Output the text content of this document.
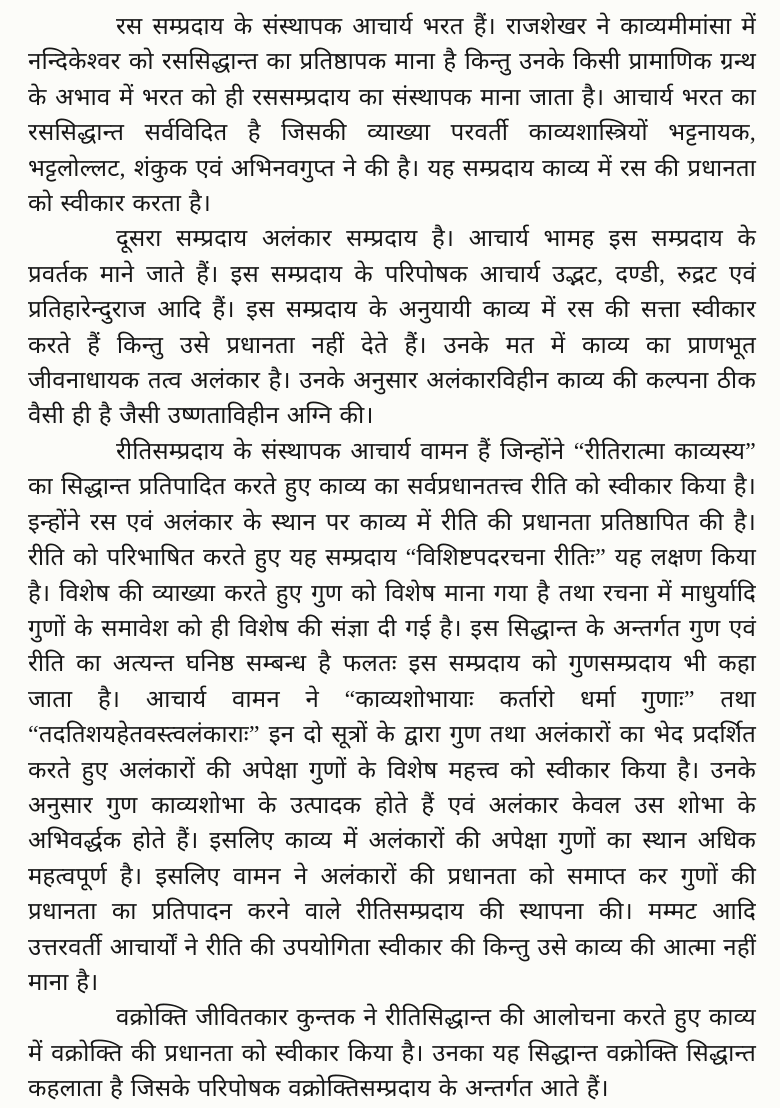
रस सम्प्रदाय के संस्थापक आचार्य भरत हैं। राजशेखर ने काव्यमीमांसा में नन्दिकेश्वर को रससिद्धान्त का प्रतिष्ठापक माना है किन्तु उनके किसी प्रामाणिक ग्रन्थ के अभाव में भरत को ही रससम्प्रदाय का संस्थापक माना जाता है। आचार्य भरत का रससिद्धान्त सर्वविदित है जिसकी व्याख्या परवर्ती काव्यशास्त्रियों भट्टनायक, भट्टलोल्लट, शंकुक एवं अभिनवगुप्त ने की है। यह सम्प्रदाय काव्य में रस की प्रधानता को स्वीकार करता है।

दूसरा सम्प्रदाय अलंकार सम्प्रदाय है। आचार्य भामह इस सम्प्रदाय के प्रवर्तक माने जाते हैं। इस सम्प्रदाय के परिपोषक आचार्य उद्भट, दण्डी, रुद्रट एवं प्रतिहारेन्दुराज आदि हैं। इस सम्प्रदाय के अनुयायी काव्य में रस की सत्ता स्वीकार करते हैं किन्तु उसे प्रधानता नहीं देते हैं। उनके मत में काव्य का प्राणभूत जीवनाधायक तत्व अलंकार है। उनके अनुसार अलंकारविहीन काव्य की कल्पना ठीक वैसी ही है जैसी उष्णताविहीन अग्नि की।

रीतिसम्प्रदाय के संस्थापक आचार्य वामन हैं जिन्होंने “रीतिरात्मा काव्यस्य” का सिद्धान्त प्रतिपादित करते हुए काव्य का सर्वप्रधानतत्त्व रीति को स्वीकार किया है। इन्होंने रस एवं अलंकार के स्थान पर काव्य में रीति की प्रधानता प्रतिष्ठापित की है। रीति को परिभाषित करते हुए यह सम्प्रदाय “विशिष्टपदरचना रीतिः” यह लक्षण किया है। विशेष की व्याख्या करते हुए गुण को विशेष माना गया है तथा रचना में माधुर्यादि गुणों के समावेश को ही विशेष की संज्ञा दी गई है। इस सिद्धान्त के अन्तर्गत गुण एवं रीति का अत्यन्त घनिष्ठ सम्बन्ध है फलतः इस सम्प्रदाय को गुणसम्प्रदाय भी कहा जाता है। आचार्य वामन ने “काव्यशोभायाः कर्तारो धर्मा गुणाः” तथा “तदतिशयहेतवस्त्वलंकाराः” इन दो सूत्रों के द्वारा गुण तथा अलंकारों का भेद प्रदर्शित करते हुए अलंकारों की अपेक्षा गुणों के विशेष महत्त्व को स्वीकार किया है। उनके अनुसार गुण काव्यशोभा के उत्पादक होते हैं एवं अलंकार केवल उस शोभा के अभिवर्द्धक होते हैं। इसलिए काव्य में अलंकारों की अपेक्षा गुणों का स्थान अधिक महत्वपूर्ण है। इसलिए वामन ने अलंकारों की प्रधानता को समाप्त कर गुणों की प्रधानता का प्रतिपादन करने वाले रीतिसम्प्रदाय की स्थापना की। मम्मट आदि उत्तरवर्ती आचार्यों ने रीति की उपयोगिता स्वीकार की किन्तु उसे काव्य की आत्मा नहीं माना है।

वक्रोक्ति जीवितकार कुन्तक ने रीतिसिद्धान्त की आलोचना करते हुए काव्य में वक्रोक्ति की प्रधानता को स्वीकार किया है। उनका यह सिद्धान्त वक्रोक्ति सिद्धान्त कहलाता है जिसके परिपोषक वक्रोक्तिसम्प्रदाय के अन्तर्गत आते हैं।
